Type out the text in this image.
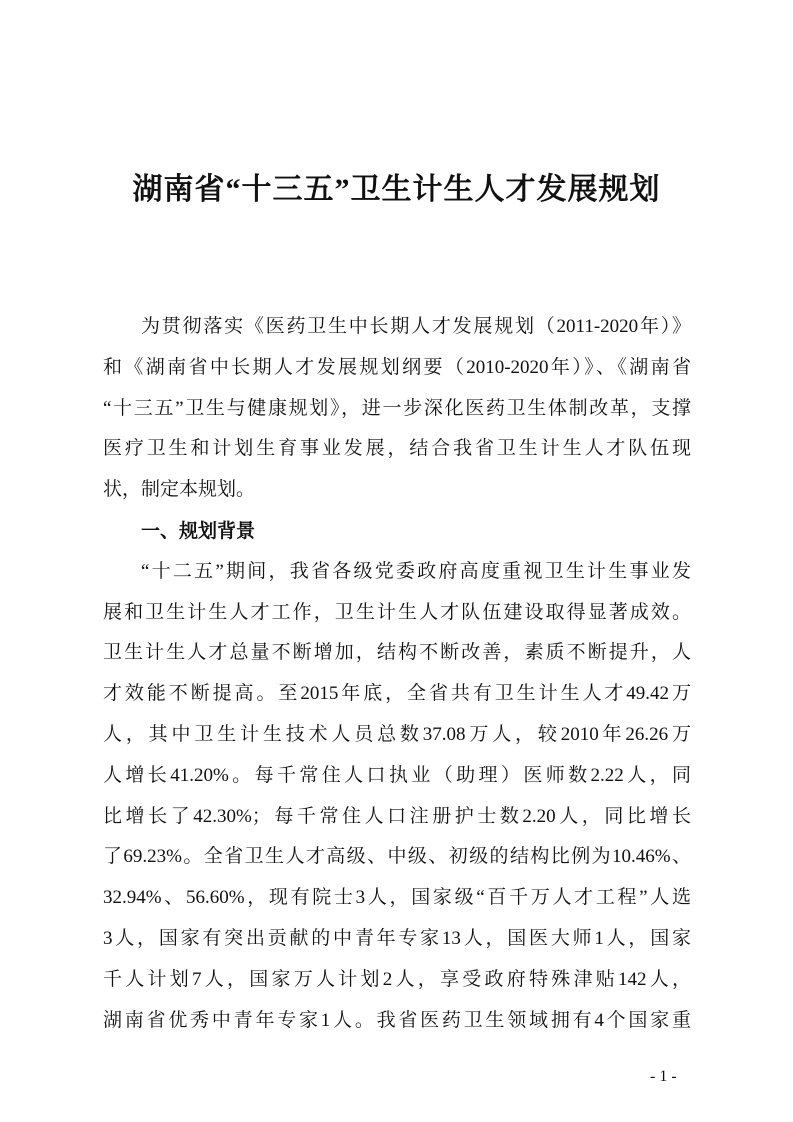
湖南省“十三五”卫生计生人才发展规划
为贯彻落实《医药卫生中长期人才发展规划（2011-2020年）》
和《湖南省中长期人才发展规划纲要（2010-2020年）》、《湖南省
“十三五”卫生与健康规划》，进一步深化医药卫生体制改革，支撑
医疗卫生和计划生育事业发展，结合我省卫生计生人才队伍现
状，制定本规划。
一、规划背景
“十二五”期间，我省各级党委政府高度重视卫生计生事业发
展和卫生计生人才工作，卫生计生人才队伍建设取得显著成效。
卫生计生人才总量不断增加，结构不断改善，素质不断提升，人
才效能不断提高。至2015年底，全省共有卫生计生人才49.42万
人，其中卫生计生技术人员总数37.08万人，较2010年26.26万
人增长41.20%。每千常住人口执业（助理）医师数2.22人，同
比增长了42.30%；每千常住人口注册护士数2.20人，同比增长
了69.23%。全省卫生人才高级、中级、初级的结构比例为10.46%、
32.94%、56.60%，现有院士3人，国家级“百千万人才工程”人选
3人，国家有突出贡献的中青年专家13人，国医大师1人，国家
千人计划7人，国家万人计划2人，享受政府特殊津贴142人，
湖南省优秀中青年专家1人。我省医药卫生领域拥有4个国家重
- 1 -
